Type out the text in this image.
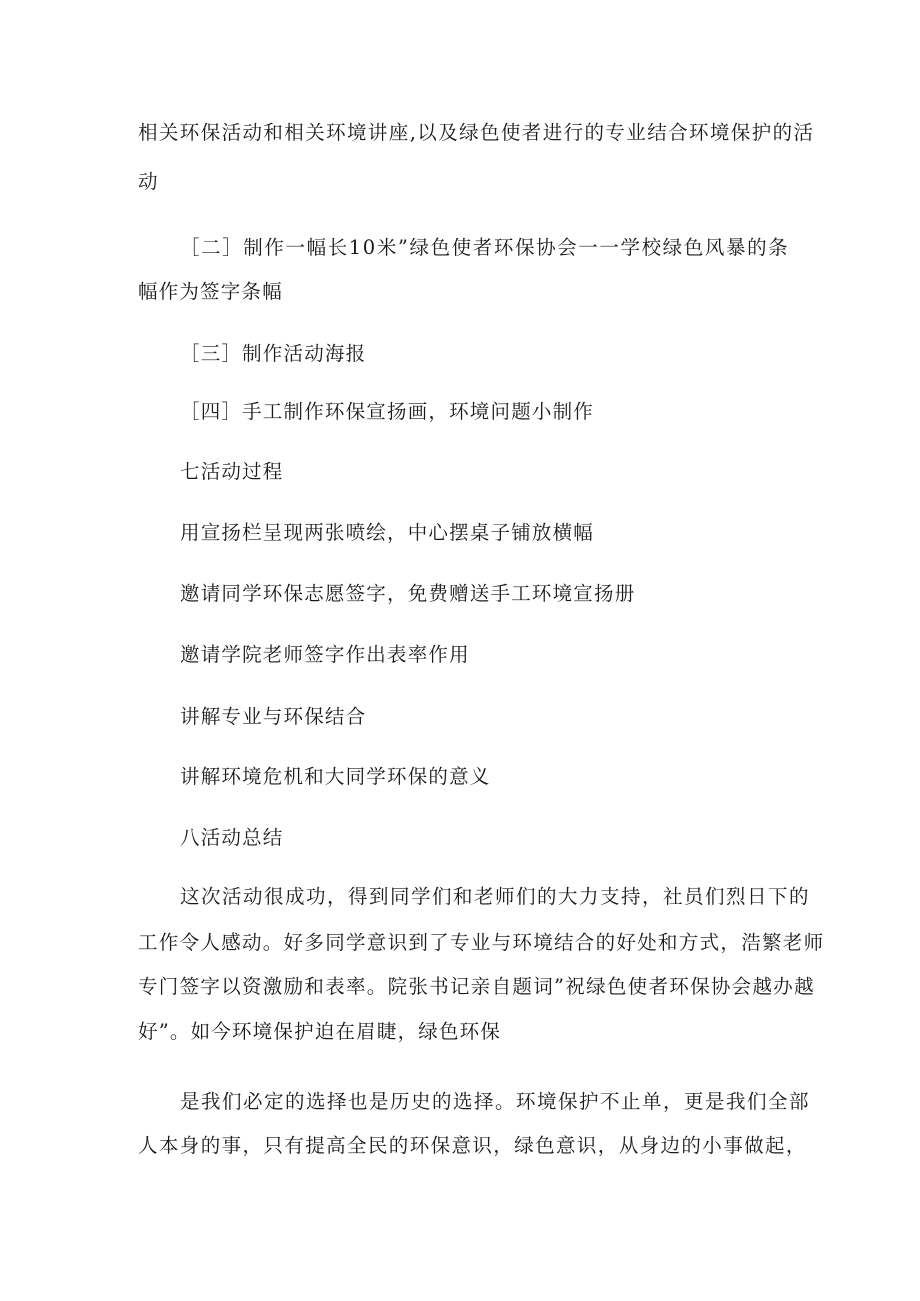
相关环保活动和相关环境讲座,以及绿色使者进行的专业结合环境保护的活
动
［二］制作一幅长10米”绿色使者环保协会一一学校绿色风暴的条
幅作为签字条幅
［三］制作活动海报
［四］手工制作环保宣扬画，环境问题小制作
七活动过程
用宣扬栏呈现两张喷绘，中心摆桌子铺放横幅
邀请同学环保志愿签字，免费赠送手工环境宣扬册
邀请学院老师签字作出表率作用
讲解专业与环保结合
讲解环境危机和大同学环保的意义
八活动总结
这次活动很成功，得到同学们和老师们的大力支持，社员们烈日下的
工作令人感动。好多同学意识到了专业与环境结合的好处和方式，浩繁老师
专门签字以资激励和表率。院张书记亲自题词”祝绿色使者环保协会越办越
好”。如今环境保护迫在眉睫，绿色环保
是我们必定的选择也是历史的选择。环境保护不止单，更是我们全部
人本身的事，只有提高全民的环保意识，绿色意识，从身边的小事做起，
